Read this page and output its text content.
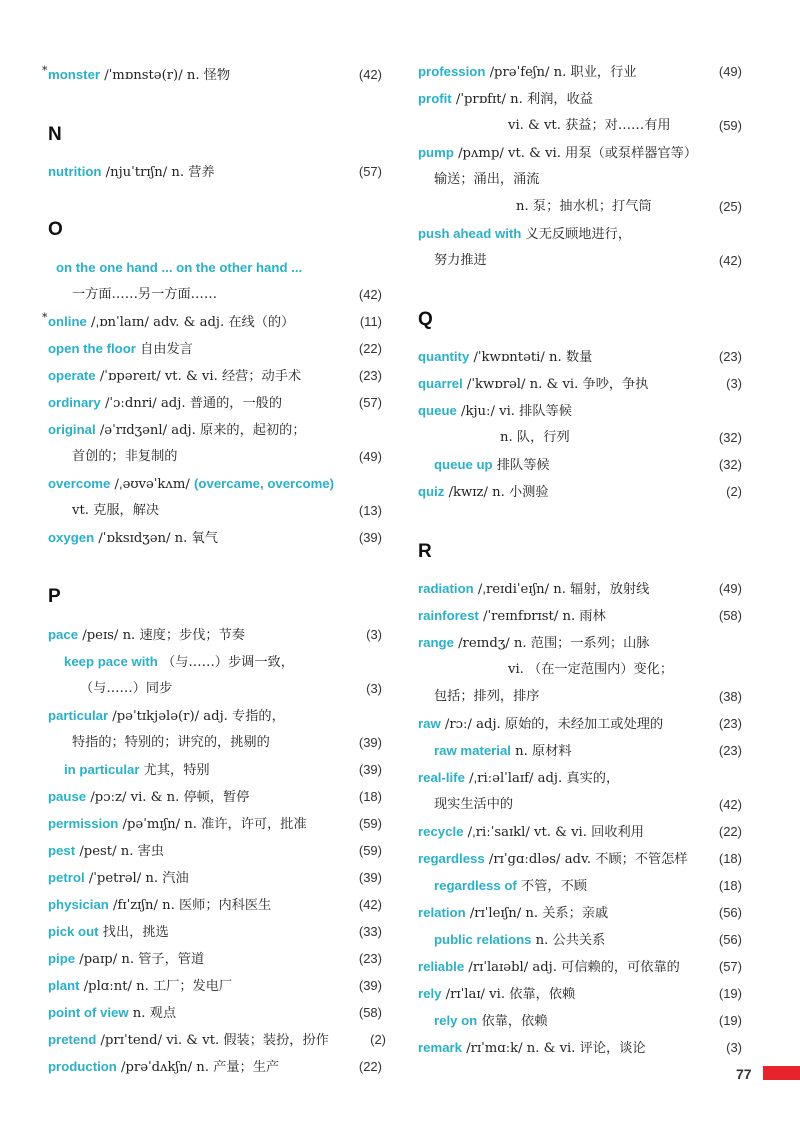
* monster /ˈmɒnstə(r)/ n. 怪物	(42)
N
nutrition /njuˈtrɪʃn/ n. 营养	(57)
O
on the one hand ... on the other hand ...
一方面……另一方面……	(42)
* online /ˌɒnˈlaɪn/ adv. & adj. 在线（的）	(11)
open the floor 自由发言	(22)
operate /ˈɒpəreɪt/ vt. & vi. 经营；动手术	(23)
ordinary /ˈɔːdnri/ adj. 普通的，一般的	(57)
original /əˈrɪdʒənl/ adj. 原来的，起初的；
首创的；非复制的	(49)
overcome /ˌəʊvəˈkʌm/ (overcame, overcome)
vt. 克服，解决	(13)
oxygen /ˈɒksɪdʒən/ n. 氧气	(39)
P
pace /peɪs/ n. 速度；步伐；节奏	(3)
keep pace with （与……）步调一致，
（与……）同步	(3)
particular /pəˈtɪkjələ(r)/ adj. 专指的，
特指的；特别的；讲究的，挑剔的	(39)
in particular 尤其，特别	(39)
pause /pɔːz/ vi. & n. 停顿，暂停	(18)
permission /pəˈmɪʃn/ n. 准许，许可，批准	(59)
pest /pest/ n. 害虫	(59)
petrol /ˈpetrəl/ n. 汽油	(39)
physician /fɪˈzɪʃn/ n. 医师；内科医生	(42)
pick out 找出，挑选	(33)
pipe /paɪp/ n. 管子，管道	(23)
plant /plɑːnt/ n. 工厂；发电厂	(39)
point of view n. 观点	(58)
pretend /prɪˈtend/ vi. & vt. 假装；装扮，扮作	(2)
production /prəˈdʌkʃn/ n. 产量；生产	(22)
profession /prəˈfeʃn/ n. 职业，行业	(49)
profit /ˈprɒfɪt/ n. 利润，收益
vi. & vt. 获益；对……有用	(59)
pump /pʌmp/ vt. & vi. 用泵（或泵样器官等）
输送；涌出，涌流
n. 泵；抽水机；打气筒	(25)
push ahead with 义无反顾地进行，
努力推进	(42)
Q
quantity /ˈkwɒntəti/ n. 数量	(23)
quarrel /ˈkwɒrəl/ n. & vi. 争吵，争执	(3)
queue /kjuː/ vi. 排队等候
n. 队，行列	(32)
queue up 排队等候	(32)
quiz /kwɪz/ n. 小测验	(2)
R
radiation /ˌreɪdiˈeɪʃn/ n. 辐射，放射线	(49)
rainforest /ˈreɪnfɒrɪst/ n. 雨林	(58)
range /reɪndʒ/ n. 范围；一系列；山脉
vi. （在一定范围内）变化；
包括；排列，排序	(38)
raw /rɔː/ adj. 原始的，未经加工或处理的	(23)
raw material n. 原材料	(23)
real-life /ˌriːəlˈlaɪf/ adj. 真实的，
现实生活中的	(42)
recycle /ˌriːˈsaɪkl/ vt. & vi. 回收利用	(22)
regardless /rɪˈɡɑːdləs/ adv. 不顾；不管怎样 (18)
regardless of 不管，不顾	(18)
relation /rɪˈleɪʃn/ n. 关系；亲戚	(56)
public relations n. 公共关系	(56)
reliable /rɪˈlaɪəbl/ adj. 可信赖的，可依靠的	(57)
rely /rɪˈlaɪ/ vi. 依靠，依赖	(19)
rely on 依靠，依赖	(19)
remark /rɪˈmɑːk/ n. & vi. 评论，谈论	(3)
77
